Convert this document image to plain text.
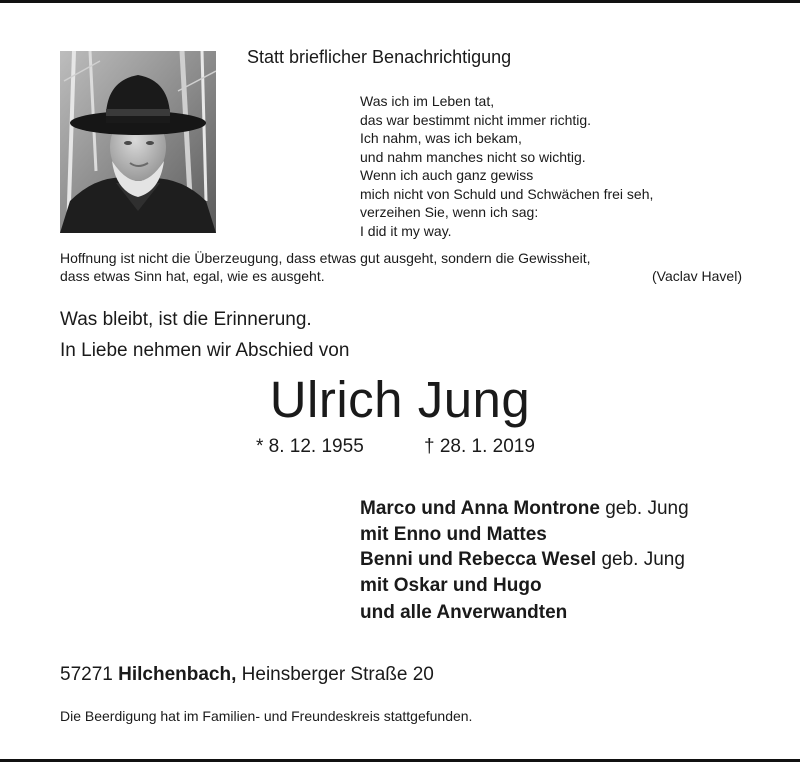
Statt brieflicher Benachrichtigung
Was ich im Leben tat,
das war bestimmt nicht immer richtig.
Ich nahm, was ich bekam,
und nahm manches nicht so wichtig.
Wenn ich auch ganz gewiss
mich nicht von Schuld und Schwächen frei seh,
verzeihen Sie, wenn ich sag:
I did it my way.
Hoffnung ist nicht die Überzeugung, dass etwas gut ausgeht, sondern die Gewissheit,
dass etwas Sinn hat, egal, wie es ausgeht.	(Vaclav Havel)
Was bleibt, ist die Erinnerung.
In Liebe nehmen wir Abschied von
Ulrich Jung
* 8. 12. 1955	† 28. 1. 2019
Marco und Anna Montrone geb. Jung
mit Enno und Mattes
Benni und Rebecca Wesel geb. Jung
mit Oskar und Hugo
und alle Anverwandten
57271 Hilchenbach, Heinsberger Straße 20
Die Beerdigung hat im Familien- und Freundeskreis stattgefunden.
